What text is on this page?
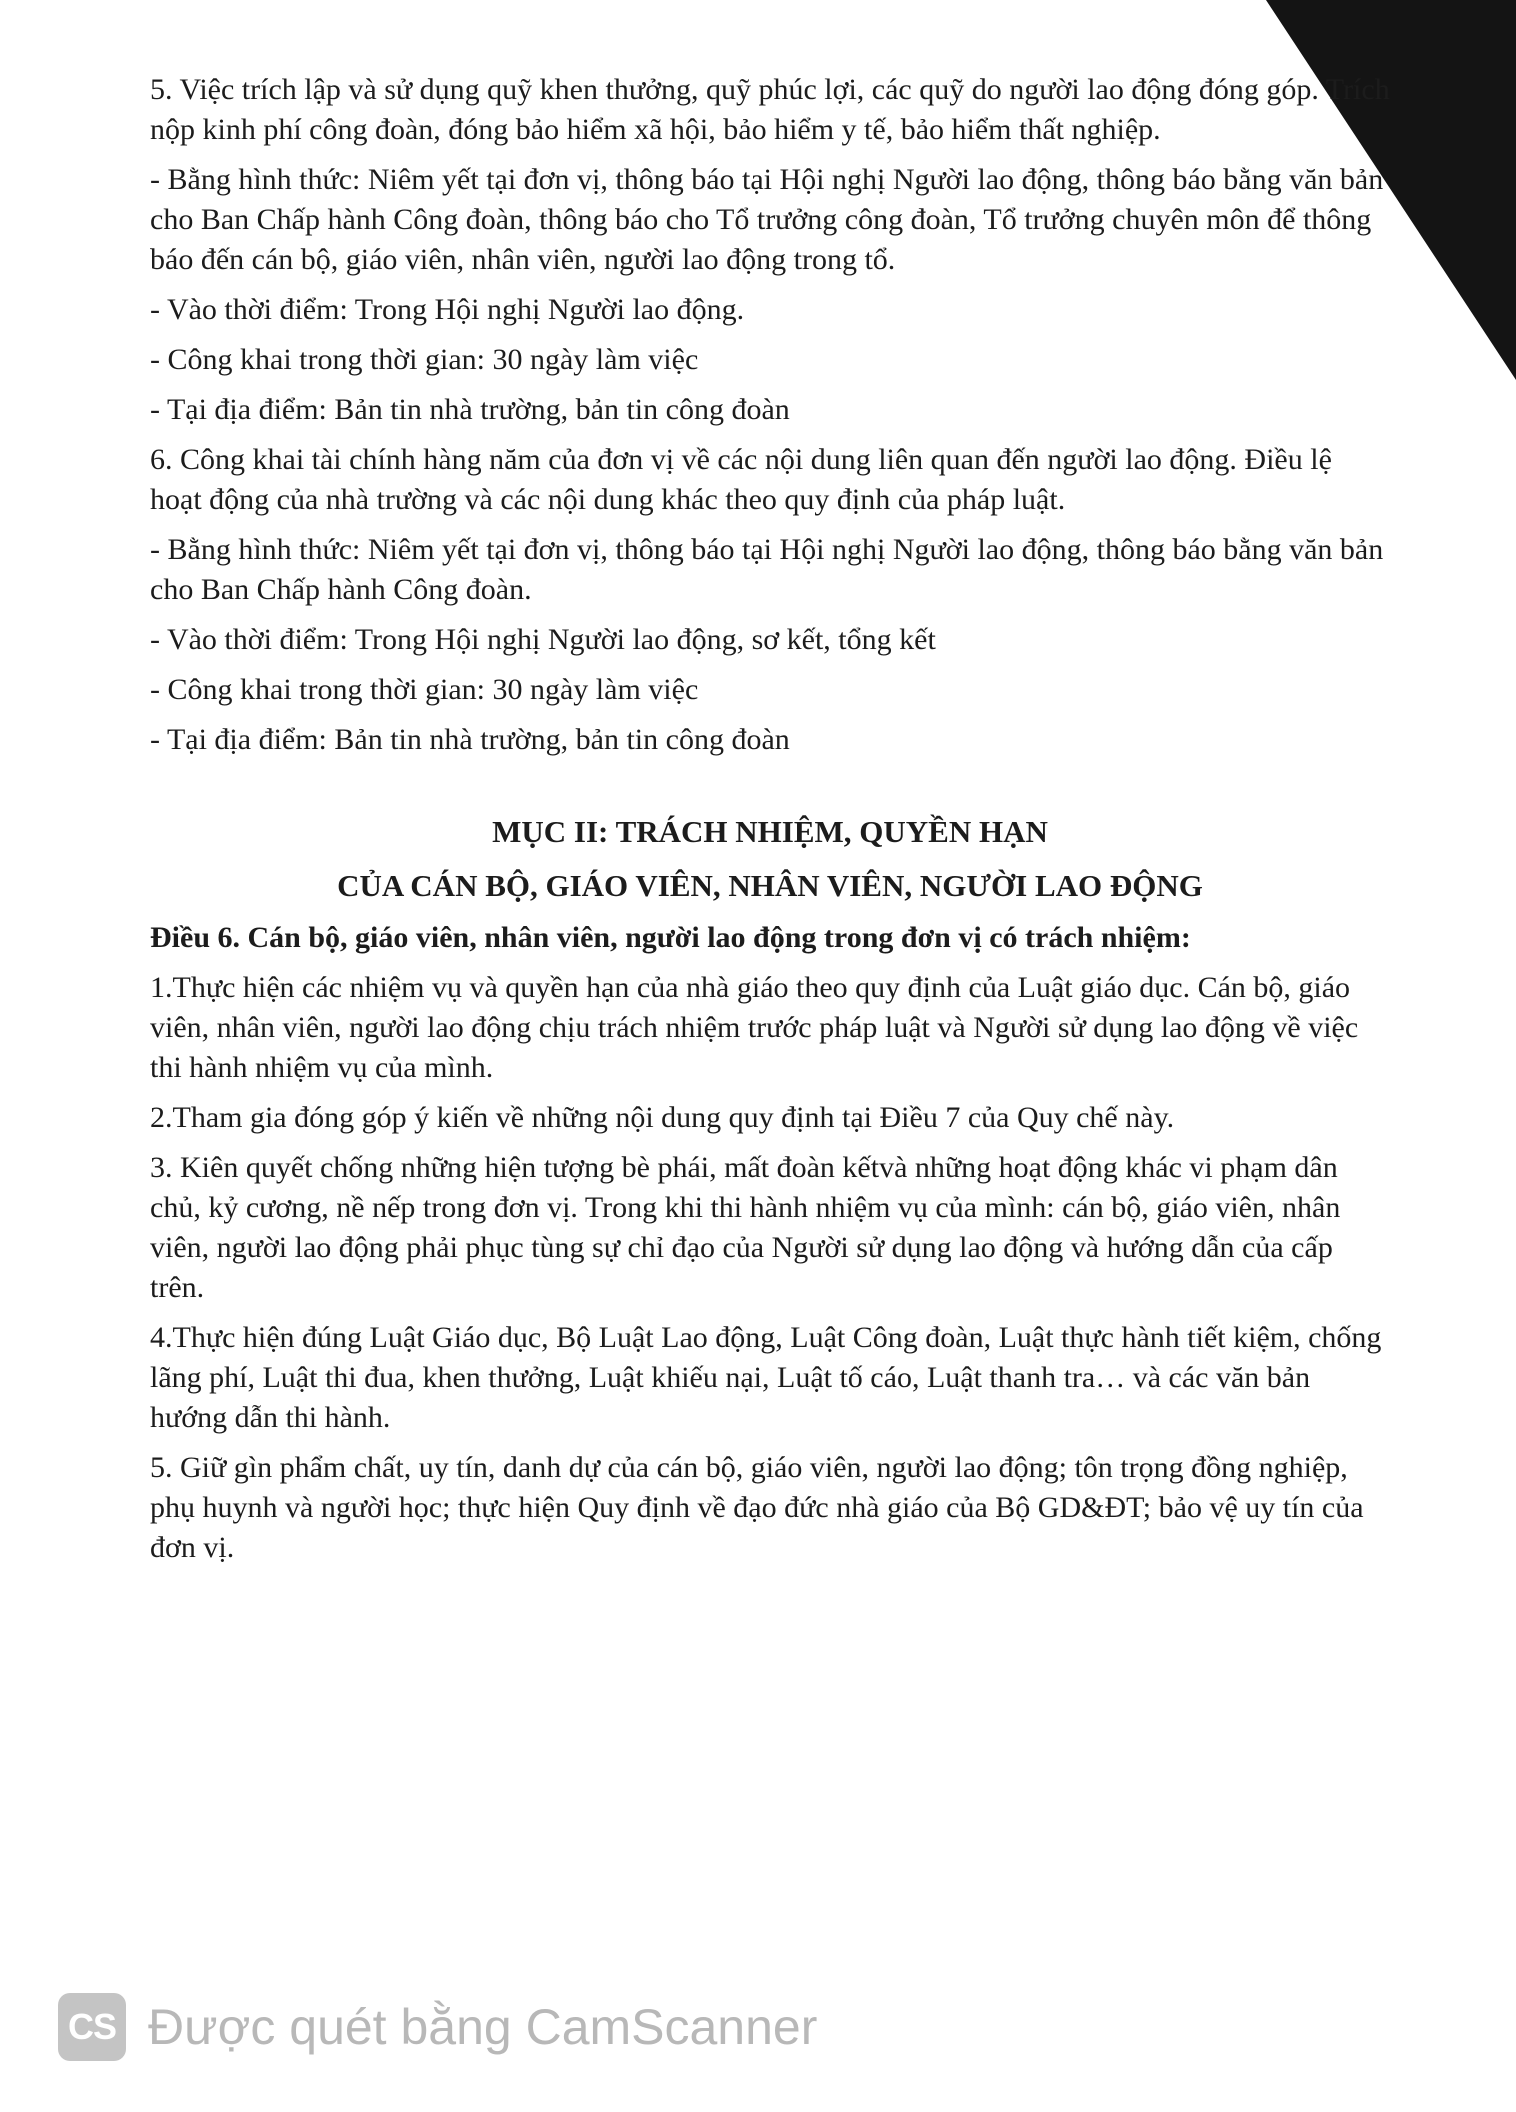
5. Việc trích lập và sử dụng quỹ khen thưởng, quỹ phúc lợi, các quỹ do người lao động đóng góp. Trích nộp kinh phí công đoàn, đóng bảo hiểm xã hội, bảo hiểm y tế, bảo hiểm thất nghiệp.

- Bằng hình thức: Niêm yết tại đơn vị, thông báo tại Hội nghị Người lao động, thông báo bằng văn bản cho Ban Chấp hành Công đoàn, thông báo cho Tổ trưởng công đoàn, Tổ trưởng chuyên môn để thông báo đến cán bộ, giáo viên, nhân viên, người lao động trong tổ.

- Vào thời điểm: Trong Hội nghị Người lao động.

- Công khai trong thời gian: 30 ngày làm việc

- Tại địa điểm: Bản tin nhà trường, bản tin công đoàn

6. Công khai tài chính hàng năm của đơn vị về các nội dung liên quan đến người lao động. Điều lệ hoạt động của nhà trường và các nội dung khác theo quy định của pháp luật.

- Bằng hình thức: Niêm yết tại đơn vị, thông báo tại Hội nghị Người lao động, thông báo bằng văn bản cho Ban Chấp hành Công đoàn.

- Vào thời điểm: Trong Hội nghị Người lao động, sơ kết, tổng kết

- Công khai trong thời gian: 30 ngày làm việc

- Tại địa điểm: Bản tin nhà trường, bản tin công đoàn

MỤC II: TRÁCH NHIỆM, QUYỀN HẠN

CỦA CÁN BỘ, GIÁO VIÊN, NHÂN VIÊN, NGƯỜI LAO ĐỘNG

Điều 6. Cán bộ, giáo viên, nhân viên, người lao động trong đơn vị có trách nhiệm:

1.Thực hiện các nhiệm vụ và quyền hạn của nhà giáo theo quy định của Luật giáo dục. Cán bộ, giáo viên, nhân viên, người lao động chịu trách nhiệm trước pháp luật và Người sử dụng lao động về việc thi hành nhiệm vụ của mình.

2.Tham gia đóng góp ý kiến về những nội dung quy định tại Điều 7 của Quy chế này.

3. Kiên quyết chống những hiện tượng bè phái, mất đoàn kếtvà những hoạt động khác vi phạm dân chủ, kỷ cương, nề nếp trong đơn vị. Trong khi thi hành nhiệm vụ của mình: cán bộ, giáo viên, nhân viên, người lao động phải phục tùng sự chỉ đạo của Người sử dụng lao động và hướng dẫn của cấp trên.

4.Thực hiện đúng Luật Giáo dục, Bộ Luật Lao động, Luật Công đoàn, Luật thực hành tiết kiệm, chống lãng phí, Luật thi đua, khen thưởng, Luật khiếu nại, Luật tố cáo, Luật thanh tra… và các văn bản hướng dẫn thi hành.

5. Giữ gìn phẩm chất, uy tín, danh dự của cán bộ, giáo viên, người lao động; tôn trọng đồng nghiệp, phụ huynh và người học; thực hiện Quy định về đạo đức nhà giáo của Bộ GD&ĐT; bảo vệ uy tín của đơn vị.

CS Được quét bằng CamScanner
